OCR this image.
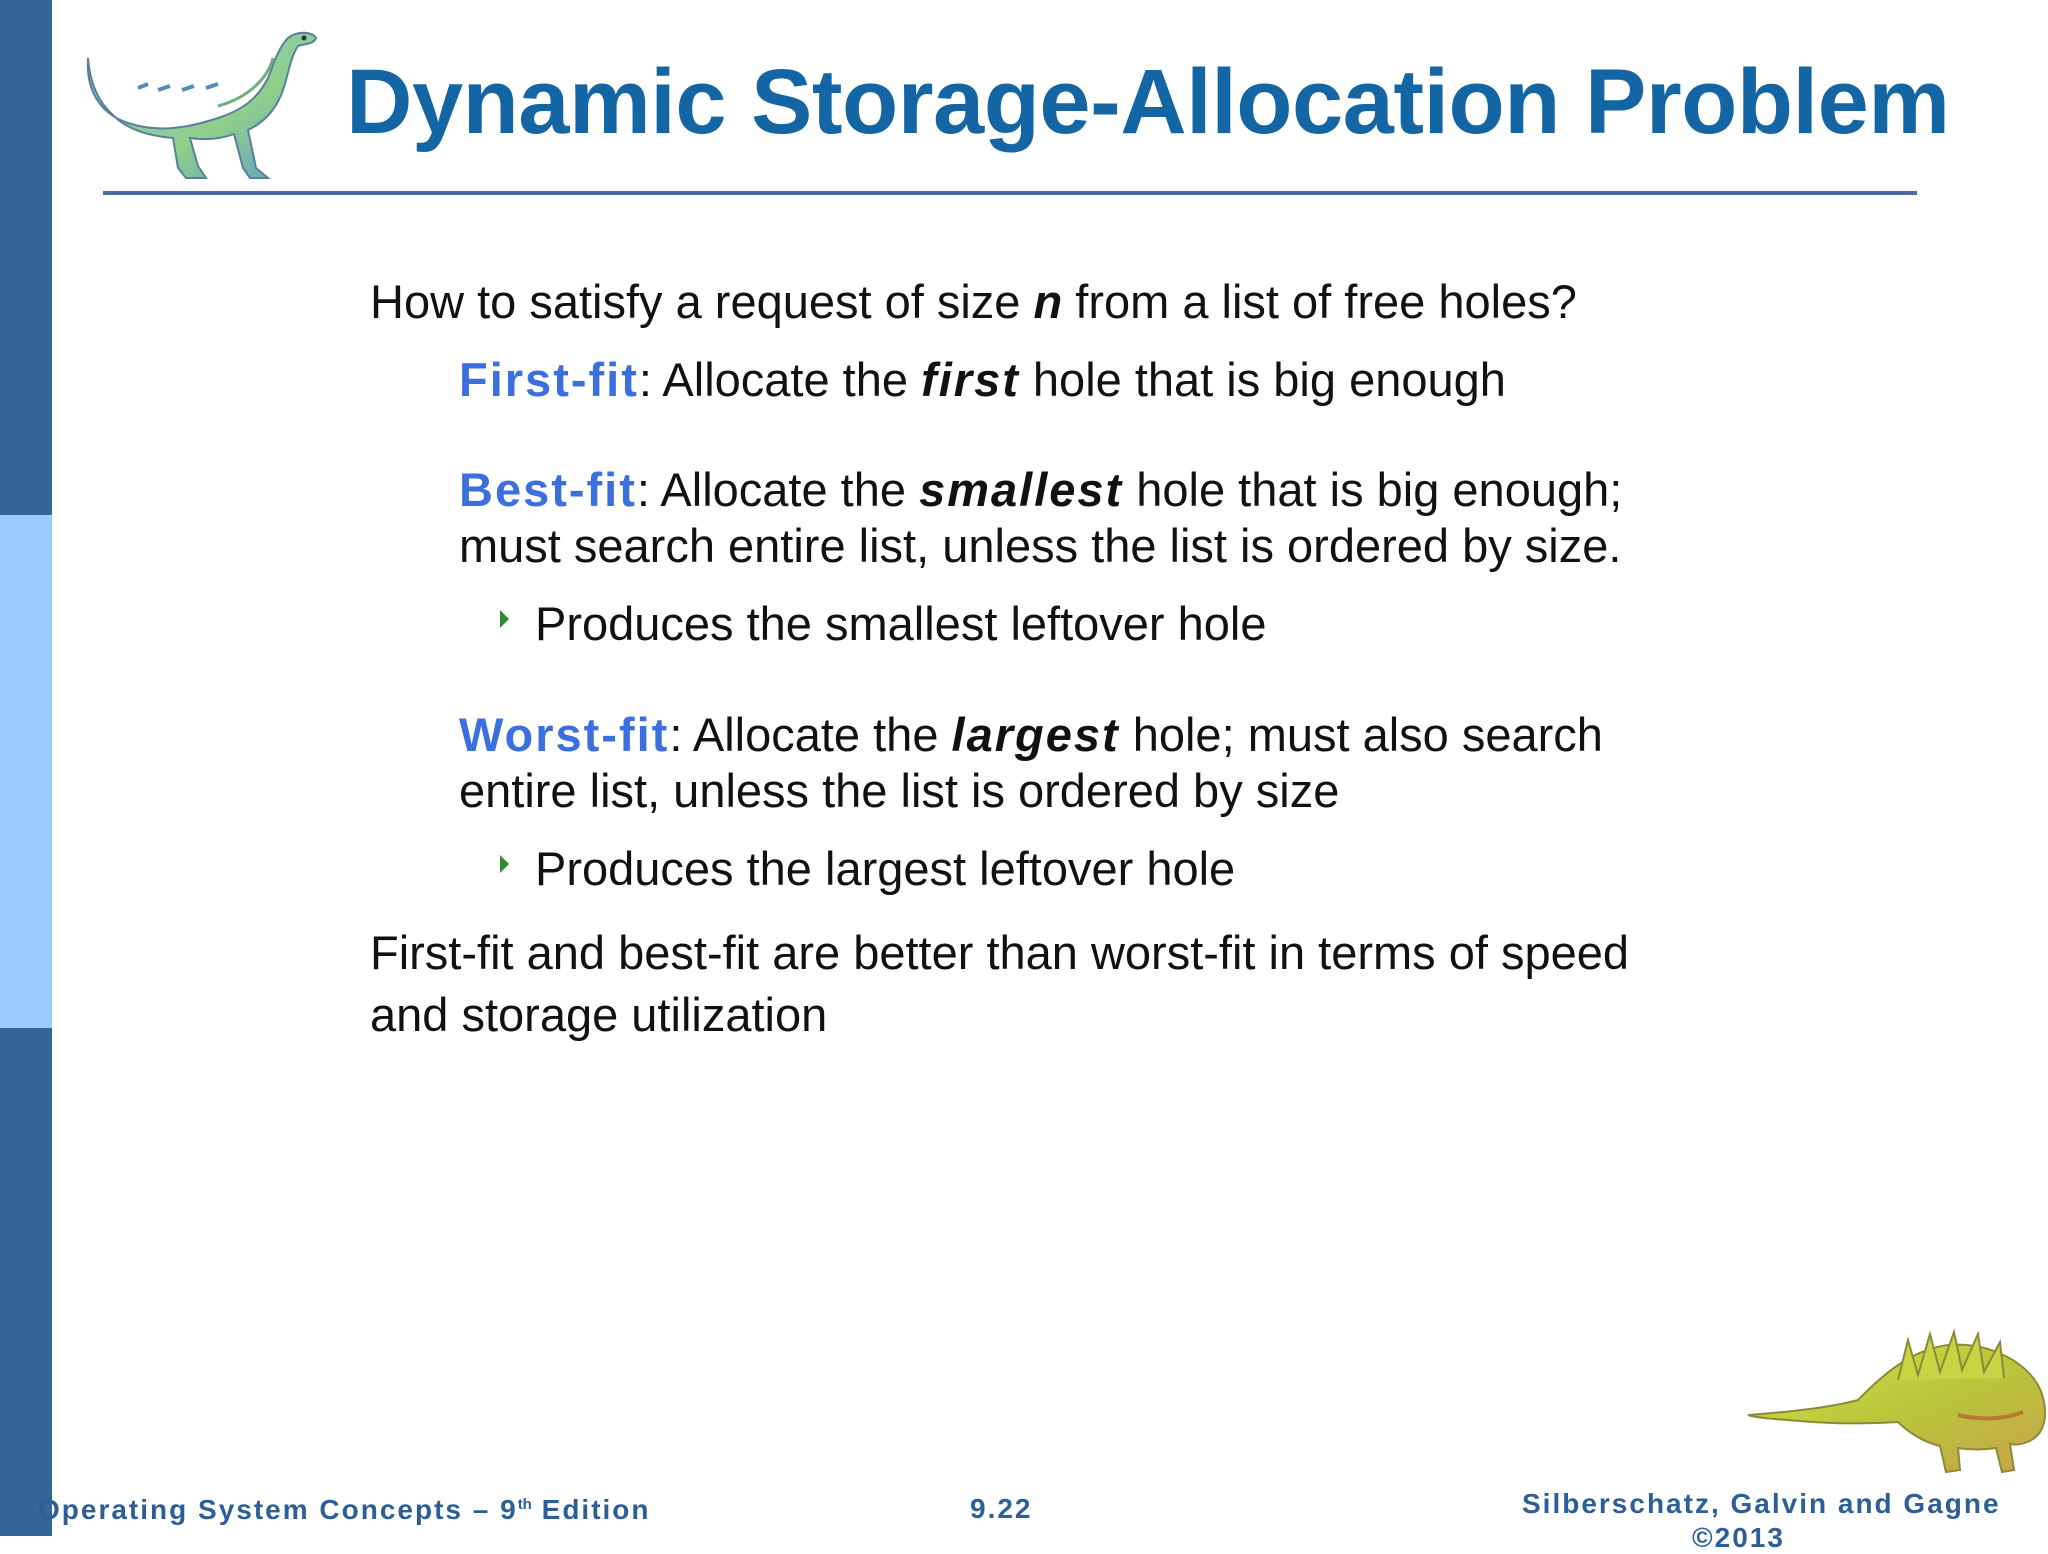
Dynamic Storage-Allocation Problem
How to satisfy a request of size n from a list of free holes?
First-fit: Allocate the first hole that is big enough
Best-fit: Allocate the smallest hole that is big enough;
must search entire list, unless the list is ordered by size.
Produces the smallest leftover hole
Worst-fit: Allocate the largest hole; must also search
entire list, unless the list is ordered by size
Produces the largest leftover hole
First-fit and best-fit are better than worst-fit in terms of speed
and storage utilization
Operating System Concepts – 9th Edition	9.22	Silberschatz, Galvin and Gagne
©2013
